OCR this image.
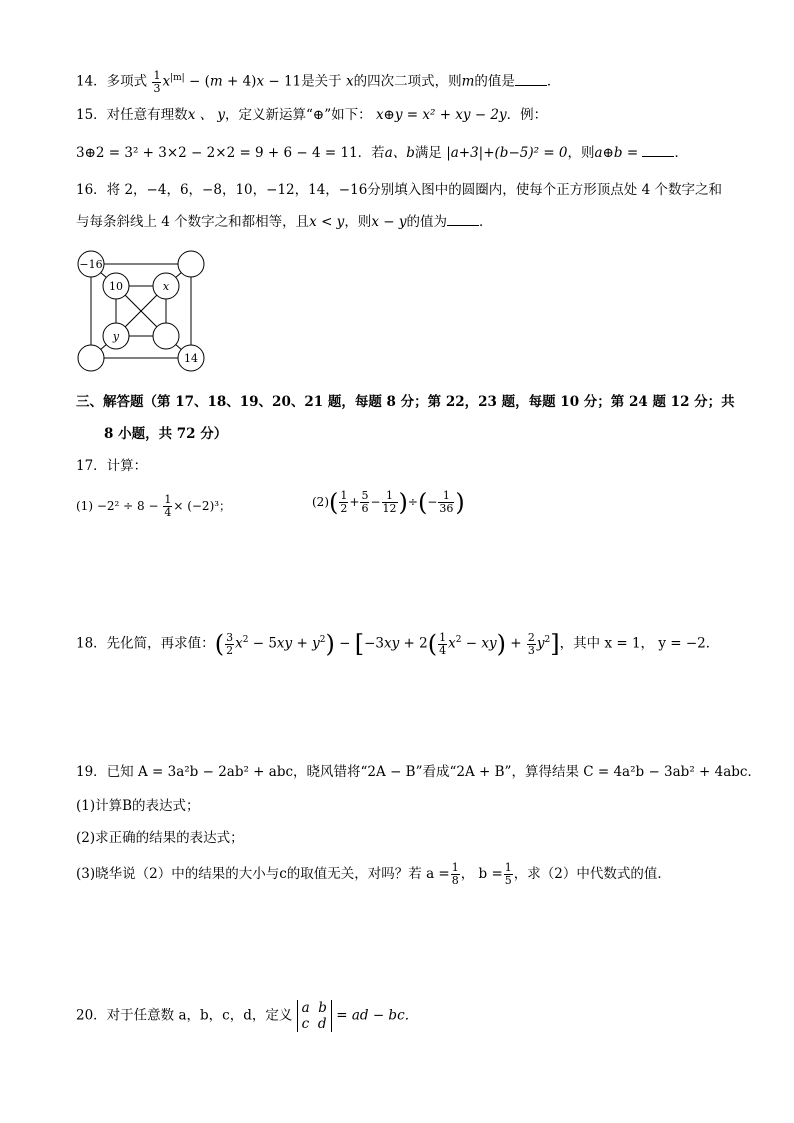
14．多项式 $\frac{1}{3} x^{|m|} - (m + 4)x - 11$是关于 x的四次二项式，则m的值是 ．
15．对任意有理数x 、 y，定义新运算“⊕”如下： x⊕y = x² + xy − 2y．例：
3⊕2 = 3² + 3×2 − 2×2 = 9 + 6 − 4 = 11．若a、b满足 |a+3|+(b−5)² = 0，则a⊕b =	．
16．将 2，−4，6，−8，10，−12，14，−16分别填入图中的圆圈内，使每个正方形顶点处 4 个数字之和
与每条斜线上 4 个数字之和都相等，且x < y，则x − y的值为 ．
−16
10	x
y
14
三、解答题（第 17、18、19、20、21 题，每题 8 分；第 22，23 题，每题 10 分；第 24 题 12 分；共
8 小题，共 72 分）
17．计算：
$(1) -2^2 \div 8 - \frac{1}{4} \times (-2)^3$；	$(2)( \frac{1}{2} + \frac{5}{6} - \frac{1}{12}$ )÷(− $\frac{1}{36}$ )
18．先化简，再求值：( $\frac{3}{2} x^2 - 5xy + y^2) - [-3xy + 2( \frac{1}{4} x^2 - xy) + \frac{2}{3} y^2]$，其中 x = 1， y = −2．
19．已知 A = 3a²b − 2ab² + abc，晓风错将“2A − B”看成“2A + B”，算得结果 C = 4a²b − 3ab² + 4abc．
(1)计算B的表达式；
(2)求正确的结果的表达式；
(3)晓华说（2）中的结果的大小与c的取值无关，对吗？若 $a = \frac{1}{8}$ ， $b = \frac{1}{5}$ ，求（2）中代数式的值．
20．对于任意数 a，b，c，d，定义 a  b
c  d = ad − bc．
